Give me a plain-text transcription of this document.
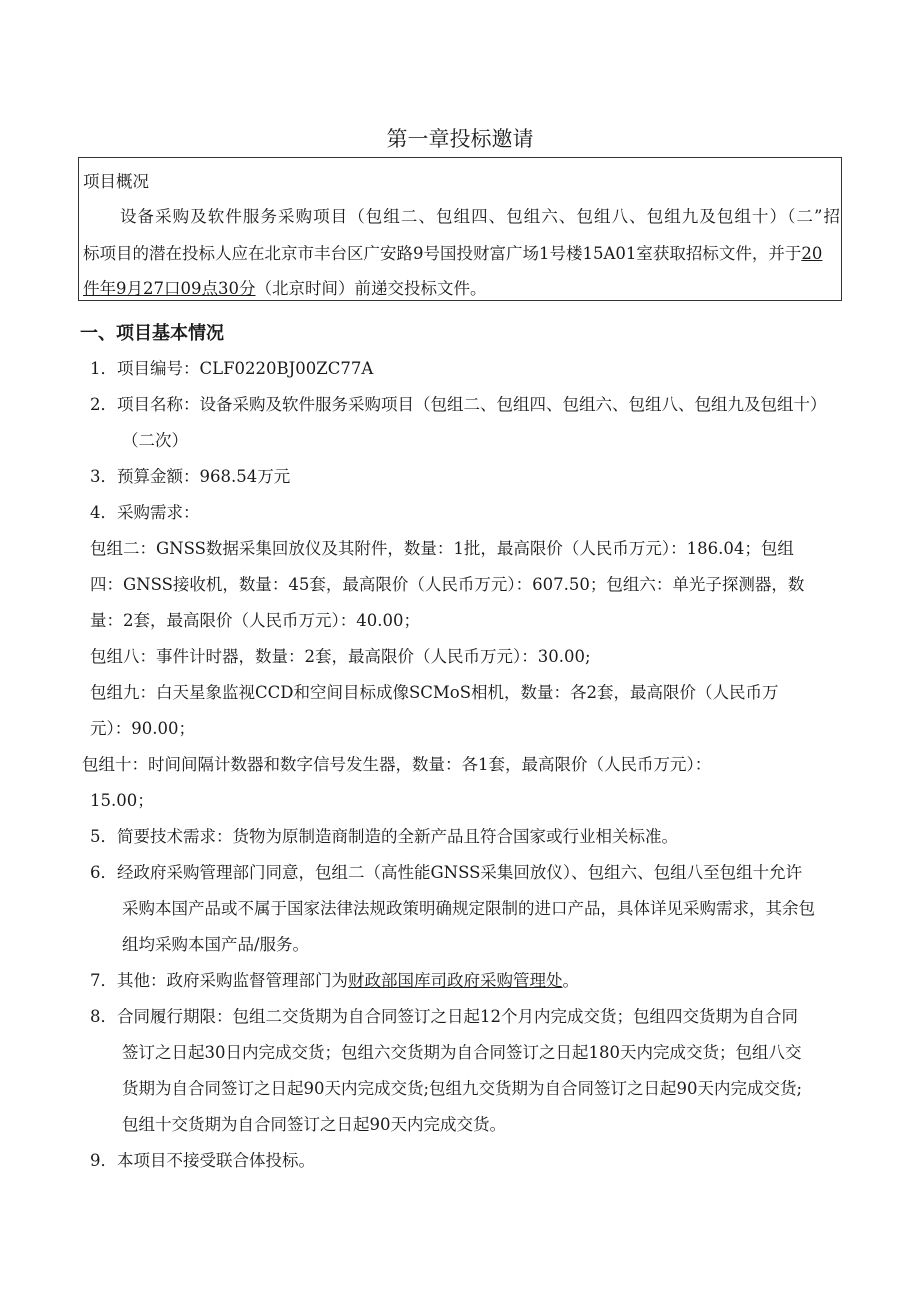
第一章投标邀请
项目概况
设备采购及软件服务采购项目（包组二、包组四、包组六、包组八、包组九及包组十）（二”招
标项目的潜在投标人应在北京市丰台区广安路9号国投财富广场1号楼15A01室获取招标文件，并于20
件年9月27口09点30分（北京时间）前递交投标文件。
一、项目基本情况
1．项目编号：CLF0220BJ00ZC77A
2．项目名称：设备采购及软件服务采购项目（包组二、包组四、包组六、包组八、包组九及包组十）
（二次）
3．预算金额：968.54万元
4．采购需求：
包组二：GNSS数据采集回放仪及其附件，数量：1批，最高限价（人民币万元）：186.04；包组
四：GNSS接收机，数量：45套，最高限价（人民币万元）：607.50；包组六：单光子探测器，数
量：2套，最高限价（人民币万元）：40.00；
包组八：事件计时器，数量：2套，最高限价（人民币万元）：30.00;
包组九：白天星象监视CCD和空间目标成像SCMoS相机，数量：各2套，最高限价（人民币万
元）：90.00；
包组十：时间间隔计数器和数字信号发生器，数量：各1套，最高限价（人民币万元）：
15.00；
5．简要技术需求：货物为原制造商制造的全新产品且符合国家或行业相关标准。
6．经政府采购管理部门同意，包组二（高性能GNSS采集回放仪）、包组六、包组八至包组十允许
采购本国产品或不属于国家法律法规政策明确规定限制的进口产品，具体详见采购需求，其余包
组均采购本国产品/服务。
7．其他：政府采购监督管理部门为财政部国库司政府采购管理处。
8．合同履行期限：包组二交货期为自合同签订之日起12个月内完成交货；包组四交货期为自合同
签订之日起30日内完成交货；包组六交货期为自合同签订之日起180天内完成交货；包组八交
货期为自合同签订之日起90天内完成交货;包组九交货期为自合同签订之日起90天内完成交货;
包组十交货期为自合同签订之日起90天内完成交货。
9．本项目不接受联合体投标。
